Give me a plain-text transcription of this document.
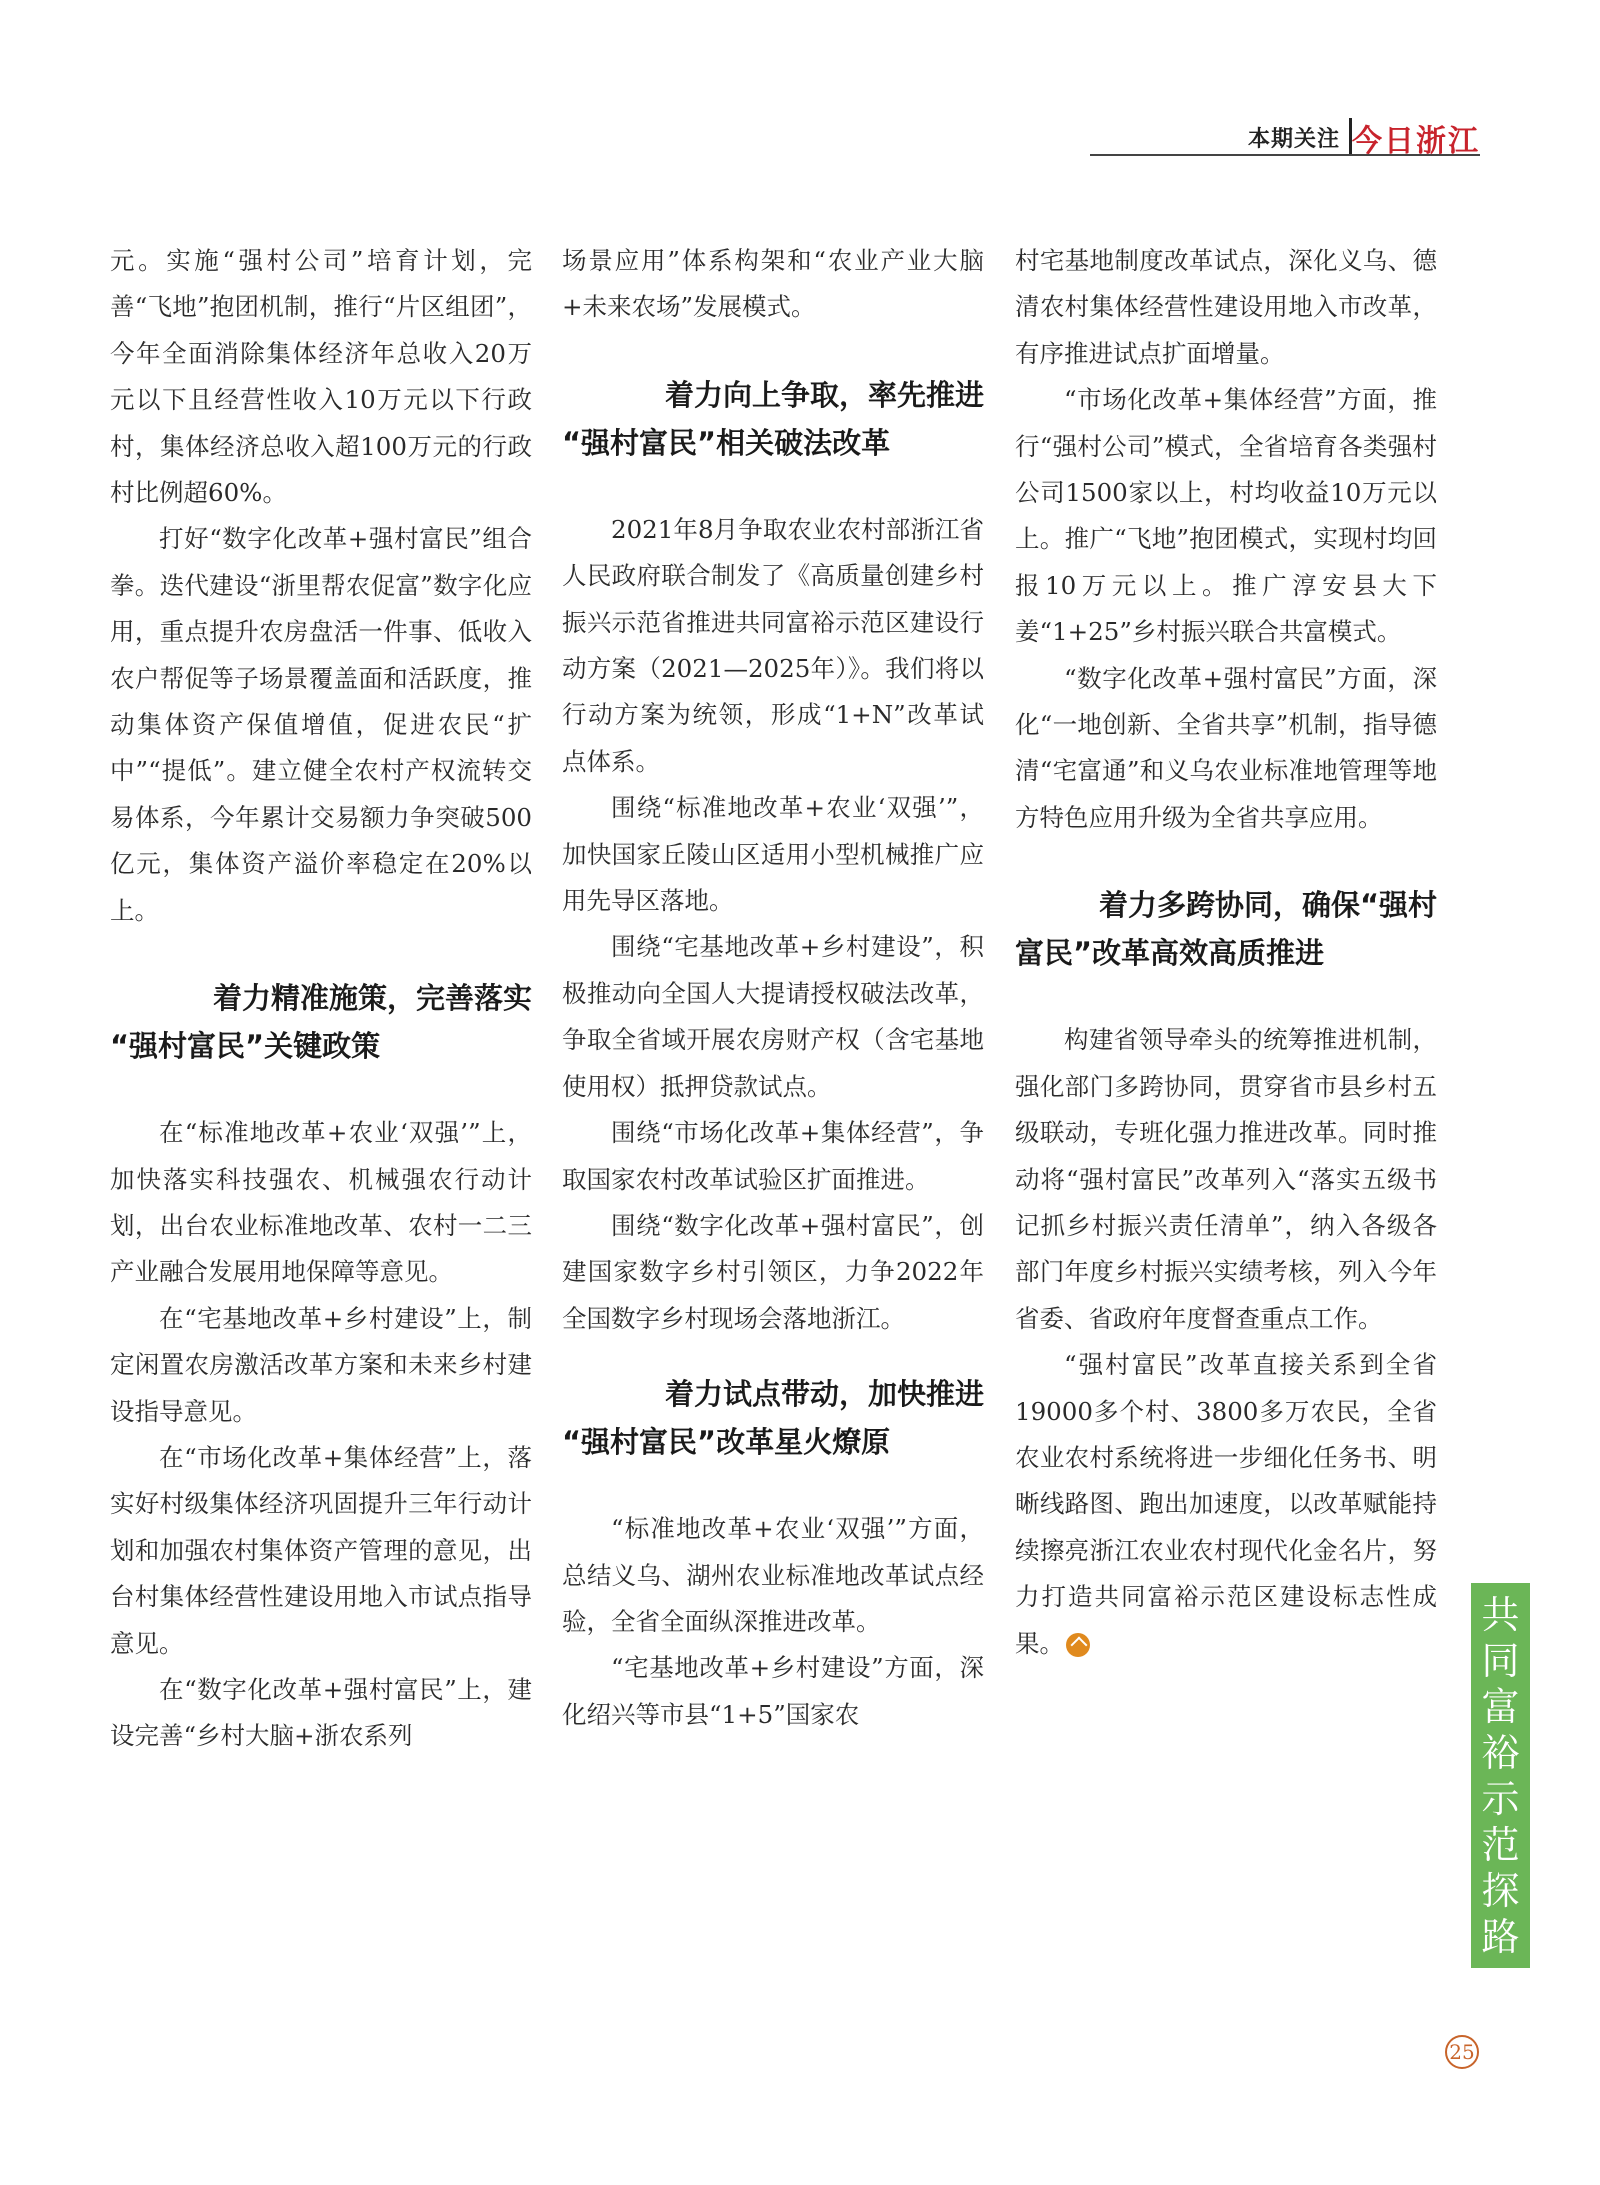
本期关注 今日浙江

元。实施“强村公司”培育计划，完善“飞地”抱团机制，推行“片区组团”，今年全面消除集体经济年总收入20万元以下且经营性收入10万元以下行政村，集体经济总收入超100万元的行政村比例超60%。

打好“数字化改革+强村富民”组合拳。迭代建设“浙里帮农促富”数字化应用，重点提升农房盘活一件事、低收入农户帮促等子场景覆盖面和活跃度，推动集体资产保值增值，促进农民“扩中”“提低”。建立健全农村产权流转交易体系，今年累计交易额力争突破500亿元，集体资产溢价率稳定在20%以上。

着力精准施策，完善落实
“强村富民”关键政策

在“标准地改革+农业‘双强’”上，加快落实科技强农、机械强农行动计划，出台农业标准地改革、农村一二三产业融合发展用地保障等意见。

在“宅基地改革+乡村建设”上，制定闲置农房激活改革方案和未来乡村建设指导意见。

在“市场化改革+集体经营”上，落实好村级集体经济巩固提升三年行动计划和加强农村集体资产管理的意见，出台村集体经营性建设用地入市试点指导意见。

在“数字化改革+强村富民”上，建设完善“乡村大脑+浙农系列

场景应用”体系构架和“农业产业大脑+未来农场”发展模式。

着力向上争取，率先推进
“强村富民”相关破法改革

2021年8月争取农业农村部浙江省人民政府联合制发了《高质量创建乡村振兴示范省推进共同富裕示范区建设行动方案（2021—2025年）》。我们将以行动方案为统领，形成“1+N”改革试点体系。

围绕“标准地改革+农业‘双强’”，加快国家丘陵山区适用小型机械推广应用先导区落地。

围绕“宅基地改革+乡村建设”，积极推动向全国人大提请授权破法改革，争取全省域开展农房财产权（含宅基地使用权）抵押贷款试点。

围绕“市场化改革+集体经营”，争取国家农村改革试验区扩面推进。

围绕“数字化改革+强村富民”，创建国家数字乡村引领区，力争2022年全国数字乡村现场会落地浙江。

着力试点带动，加快推进
“强村富民”改革星火燎原

“标准地改革+农业‘双强’”方面，总结义乌、湖州农业标准地改革试点经验，全省全面纵深推进改革。

“宅基地改革+乡村建设”方面，深化绍兴等市县“1+5”国家农

村宅基地制度改革试点，深化义乌、德清农村集体经营性建设用地入市改革，有序推进试点扩面增量。

“市场化改革+集体经营”方面，推行“强村公司”模式，全省培育各类强村公司1500家以上，村均收益10万元以上。推广“飞地”抱团模式，实现村均回报10万元以上。推广淳安县大下姜“1+25”乡村振兴联合共富模式。

“数字化改革+强村富民”方面，深化“一地创新、全省共享”机制，指导德清“宅富通”和义乌农业标准地管理等地方特色应用升级为全省共享应用。

着力多跨协同，确保“强村
富民”改革高效高质推进

构建省领导牵头的统筹推进机制，强化部门多跨协同，贯穿省市县乡村五级联动，专班化强力推进改革。同时推动将“强村富民”改革列入“落实五级书记抓乡村振兴责任清单”，纳入各级各部门年度乡村振兴实绩考核，列入今年省委、省政府年度督查重点工作。

“强村富民”改革直接关系到全省19000多个村、3800多万农民，全省农业农村系统将进一步细化任务书、明晰线路图、跑出加速度，以改革赋能持续擦亮浙江农业农村现代化金名片，努力打造共同富裕示范区建设标志性成果。

共
同
富
裕
示
范
探
路
25
